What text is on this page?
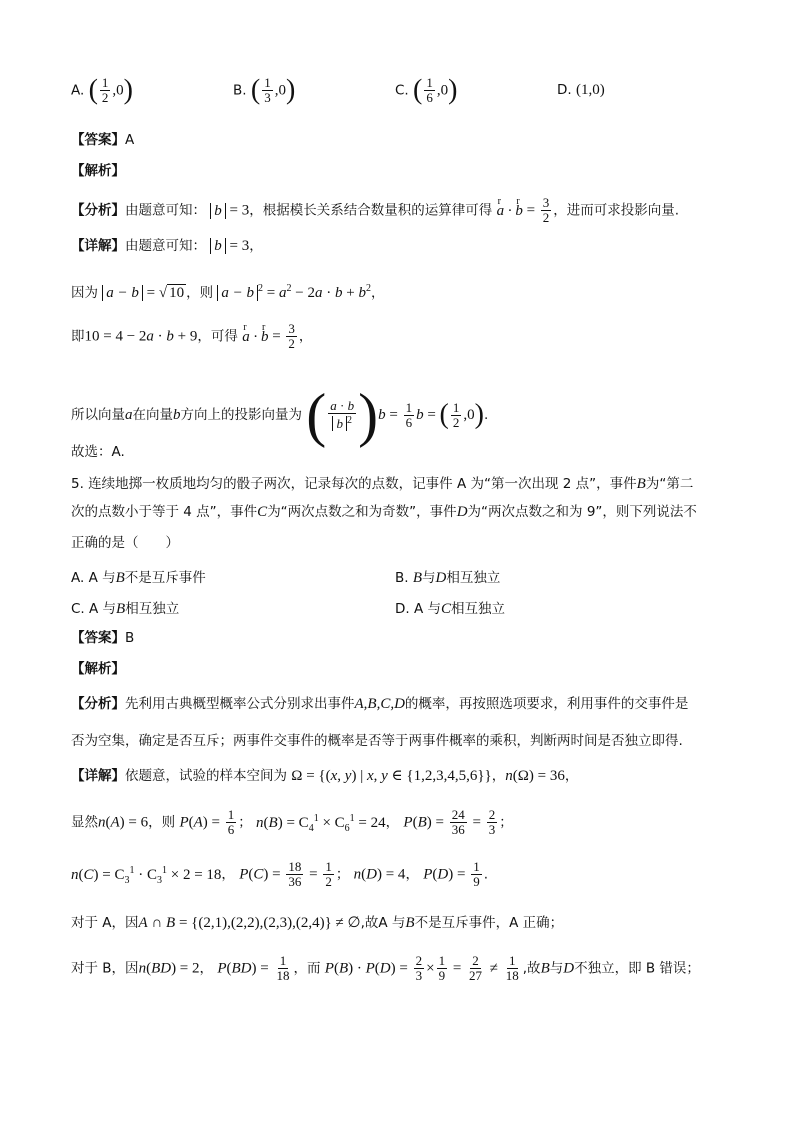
A. ( $\frac{1}{2} ,0$)	B. ( $\frac{1}{3} ,0$)	C. ( $\frac{1}{6} ,0$)	D. (1,0)
【答案】A
【解析】
【分析】由题意可知： b = 3，根据模长关系结合数量积的运算律可得 r a · r $b = \frac{3}{2}$ ，进而可求投影向量.
【详解】由题意可知： b = 3，
因为 a − b = √ 10 ，则 a − b $^2 = a^2 - 2a \cdot b + b^2$，
即10 = 4 − 2a · b + 9，可得 r a · r $b = \frac{3}{2}$ ，
所以向量a在向量b方向上的投影向量为 ( $\frac{a \cdot b}{b ^2} )b = \frac{1}{6}$ b = ( $\frac{1}{2} ,0$).
故选：A.
5. 连续地掷一枚质地均匀的骰子两次，记录每次的点数，记事件 A 为“第一次出现 2 点”，事件B为“第二
次的点数小于等于 4 点”，事件C为“两次点数之和为奇数”，事件D为“两次点数之和为 9”，则下列说法不
正确的是（　　）
A. A 与B不是互斥事件	B. B与D相互独立
C. A 与B相互独立	D. A 与C相互独立
【答案】B
【解析】
【分析】先利用古典概型概率公式分别求出事件A,B,C,D的概率，再按照选项要求，利用事件的交事件是
否为空集，确定是否互斥；两事件交事件的概率是否等于两事件概率的乘积，判断两时间是否独立即得.
【详解】依题意，试验的样本空间为 Ω = {(x, y) | x, y ∈ {1,2,3,4,5,6}}，n(Ω) = 36，
显然n(A) = 6，则 $P(A) = \frac{1}{6}$ ； $n(B) = C_4^1 \times C_6^1 = 24$， $P(B) = \frac{24}{36} = \frac{2}{3}$ ；
$n(C) = C_3^1 \cdot C_3^1 \times 2 = 18$， $P(C) = \frac{18}{36} = \frac{1}{2}$ ； n(D) = 4， $P(D) = \frac{1}{9}$ .
对于 A，因A ∩ B = {(2,1),(2,2),(2,3),(2,4)} ≠ ∅,故A 与B不是互斥事件，A 正确；
对于 B，因n(BD) = 2， $P(BD) = \frac{1}{18}$ ，而 $P(B) \cdot P(D) = \frac{2}{3} \times \frac{1}{9} = \frac{2}{27} \ne \frac{1}{18}$ ,故B与D不独立，即 B 错误；
